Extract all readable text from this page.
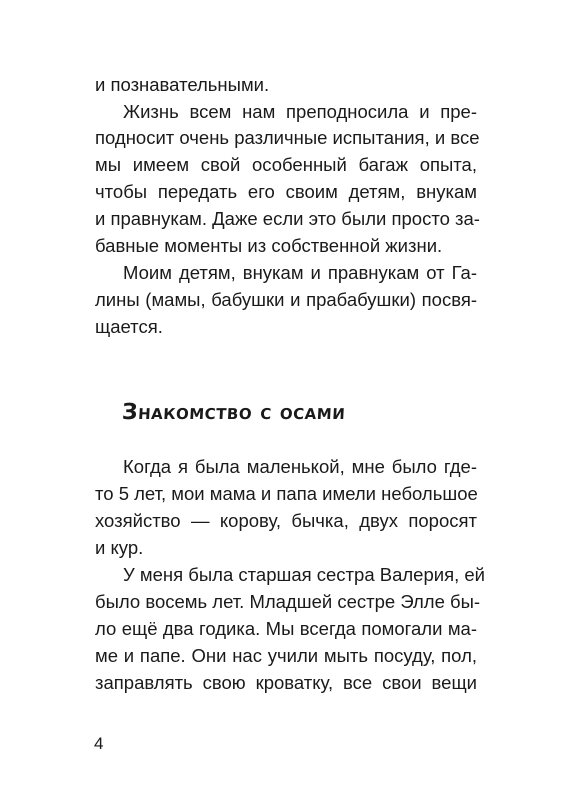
и познавательными.
Жизнь всем нам преподносила и пре-
подносит очень различные испытания, и все
мы имеем свой особенный багаж опыта,
чтобы передать его своим детям, внукам
и правнукам. Даже если это были просто за-
бавные моменты из собственной жизни.
Моим детям, внукам и правнукам от Га-
лины (мамы, бабушки и прабабушки) посвя-
щается.
Знакомство с осами
Когда я была маленькой, мне было где-
то 5 лет, мои мама и папа имели небольшое
хозяйство — корову, бычка, двух поросят
и кур.
У меня была старшая сестра Валерия, ей
было восемь лет. Младшей сестре Элле бы-
ло ещё два годика. Мы всегда помогали ма-
ме и папе. Они нас учили мыть посуду, пол,
заправлять свою кроватку, все свои вещи
4
